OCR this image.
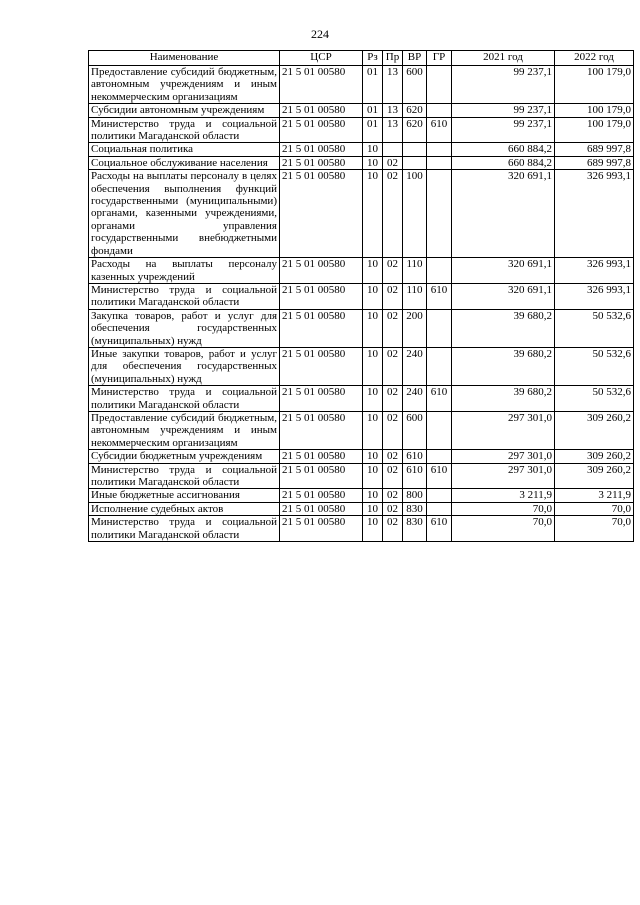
224
Наименование	ЦСР	Рз	Пр	ВР	ГР	2021 год	2022 год
Предоставление субсидий бюджетным, автономным учреждениям и иным некоммерческим организациям	21 5 01 00580	01	13	600		99 237,1	100 179,0
Субсидии автономным учреждениям	21 5 01 00580	01	13	620		99 237,1	100 179,0
Министерство труда и социальной политики Магаданской области	21 5 01 00580	01	13	620	610	99 237,1	100 179,0
Социальная политика	21 5 01 00580	10				660 884,2	689 997,8
Социальное обслуживание населения	21 5 01 00580	10	02			660 884,2	689 997,8
Расходы на выплаты персоналу в целях обеспечения выполнения функций государственными (муниципальными) органами, казенными учреждениями, органами управления государственными внебюджетными фондами	21 5 01 00580	10	02	100		320 691,1	326 993,1
Расходы на выплаты персоналу казенных учреждений	21 5 01 00580	10	02	110		320 691,1	326 993,1
Министерство труда и социальной политики Магаданской области	21 5 01 00580	10	02	110	610	320 691,1	326 993,1
Закупка товаров, работ и услуг для обеспечения государственных (муниципальных) нужд	21 5 01 00580	10	02	200		39 680,2	50 532,6
Иные закупки товаров, работ и услуг для обеспечения государственных (муниципальных) нужд	21 5 01 00580	10	02	240		39 680,2	50 532,6
Министерство труда и социальной политики Магаданской области	21 5 01 00580	10	02	240	610	39 680,2	50 532,6
Предоставление субсидий бюджетным, автономным учреждениям и иным некоммерческим организациям	21 5 01 00580	10	02	600		297 301,0	309 260,2
Субсидии бюджетным учреждениям	21 5 01 00580	10	02	610		297 301,0	309 260,2
Министерство труда и социальной политики Магаданской области	21 5 01 00580	10	02	610	610	297 301,0	309 260,2
Иные бюджетные ассигнования	21 5 01 00580	10	02	800		3 211,9	3 211,9
Исполнение судебных актов	21 5 01 00580	10	02	830		70,0	70,0
Министерство труда и социальной политики Магаданской области	21 5 01 00580	10	02	830	610	70,0	70,0
